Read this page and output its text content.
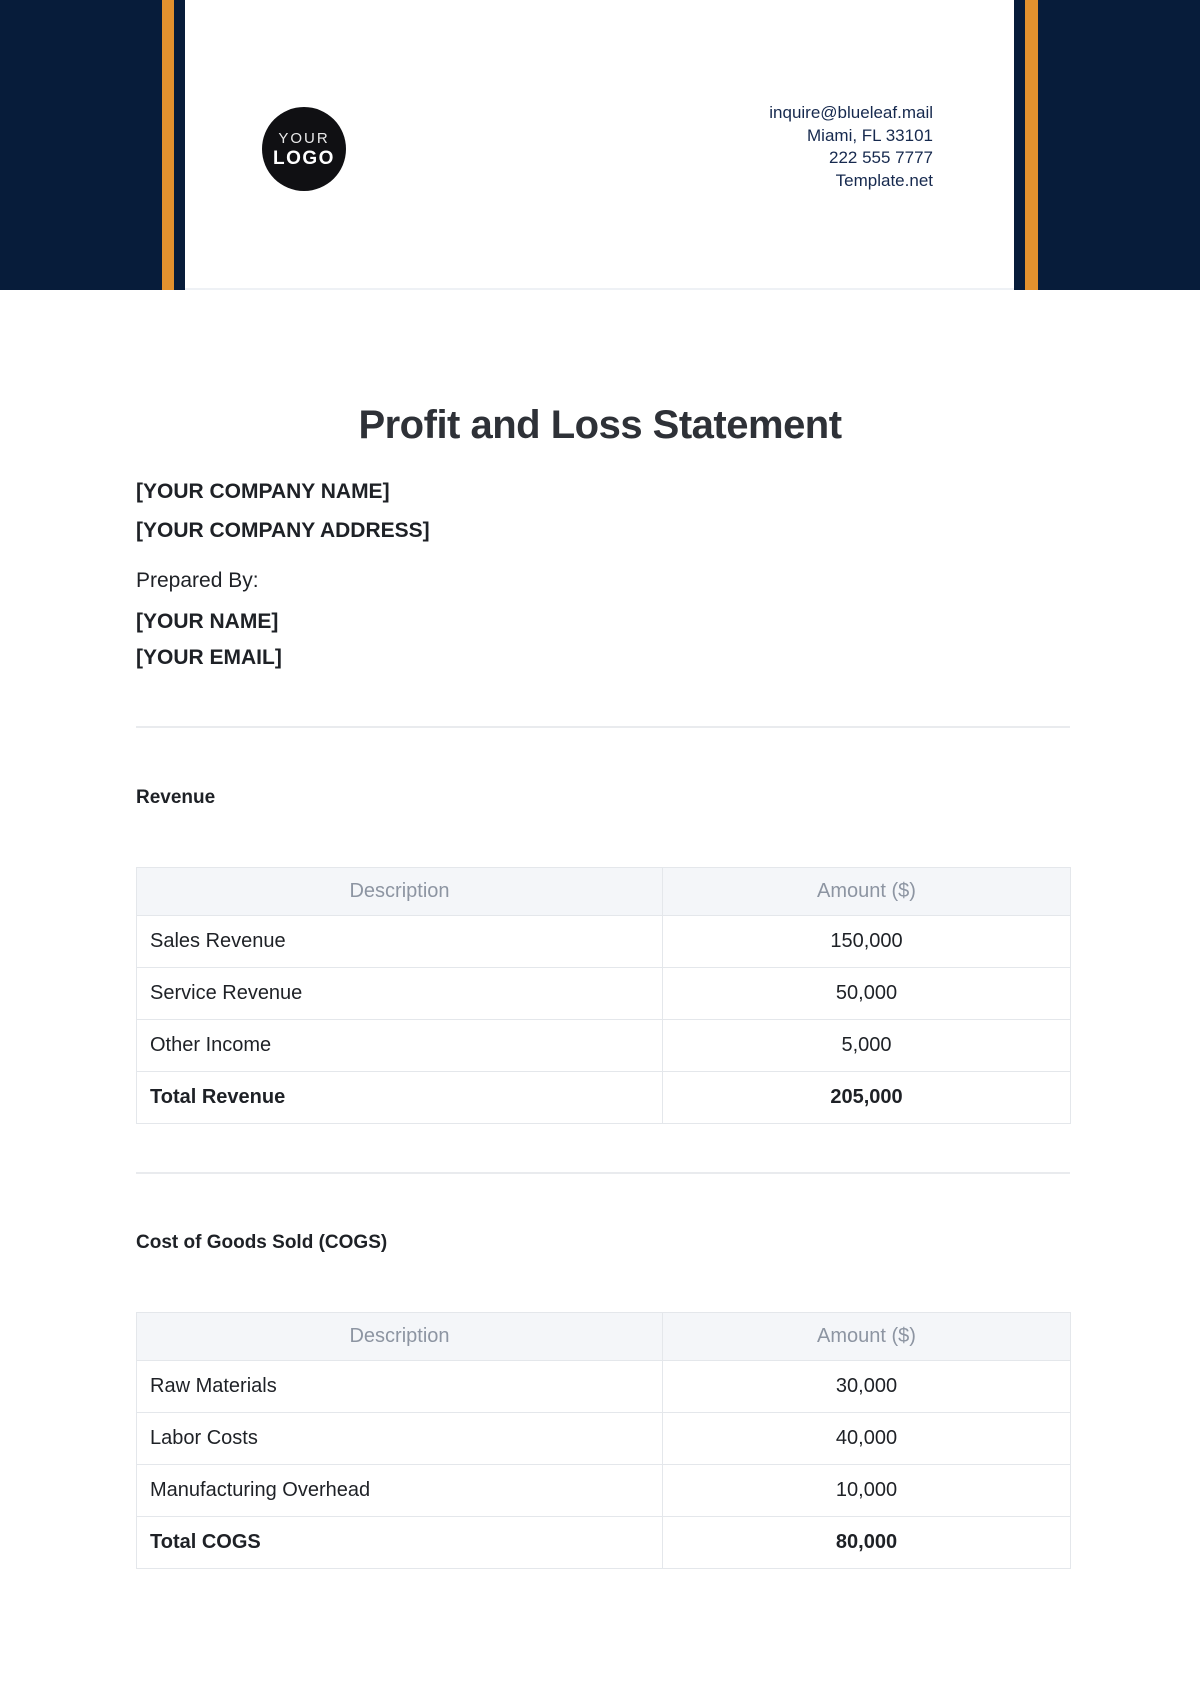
YOUR
LOGO
inquire@blueleaf.mail
Miami, FL 33101
222 555 7777
Template.net
Profit and Loss Statement
[YOUR COMPANY NAME]
[YOUR COMPANY ADDRESS]
Prepared By:
[YOUR NAME]
[YOUR EMAIL]
Revenue
Description	Amount ($)
Sales Revenue	150,000
Service Revenue	50,000
Other Income	5,000
Total Revenue	205,000
Cost of Goods Sold (COGS)
Description	Amount ($)
Raw Materials	30,000
Labor Costs	40,000
Manufacturing Overhead	10,000
Total COGS	80,000
